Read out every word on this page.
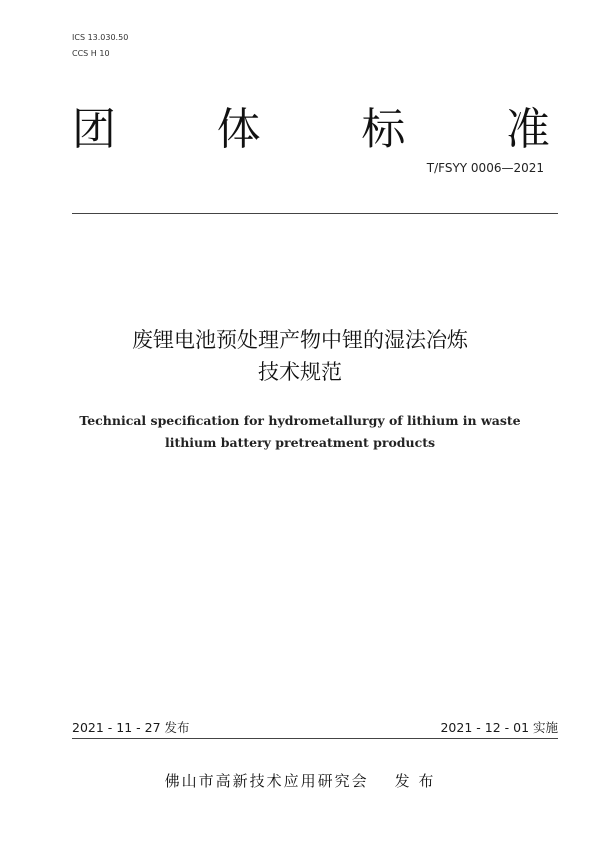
ICS 13.030.50
CCS H 10
团 体 标 准
T/FSYY 0006—2021
废锂电池预处理产物中锂的湿法冶炼
技术规范
Technical specification for hydrometallurgy of lithium in waste
lithium battery pretreatment products
2021 - 11 - 27 发布	2021 - 12 - 01 实施
佛山市高新技术应用研究会 发 布
